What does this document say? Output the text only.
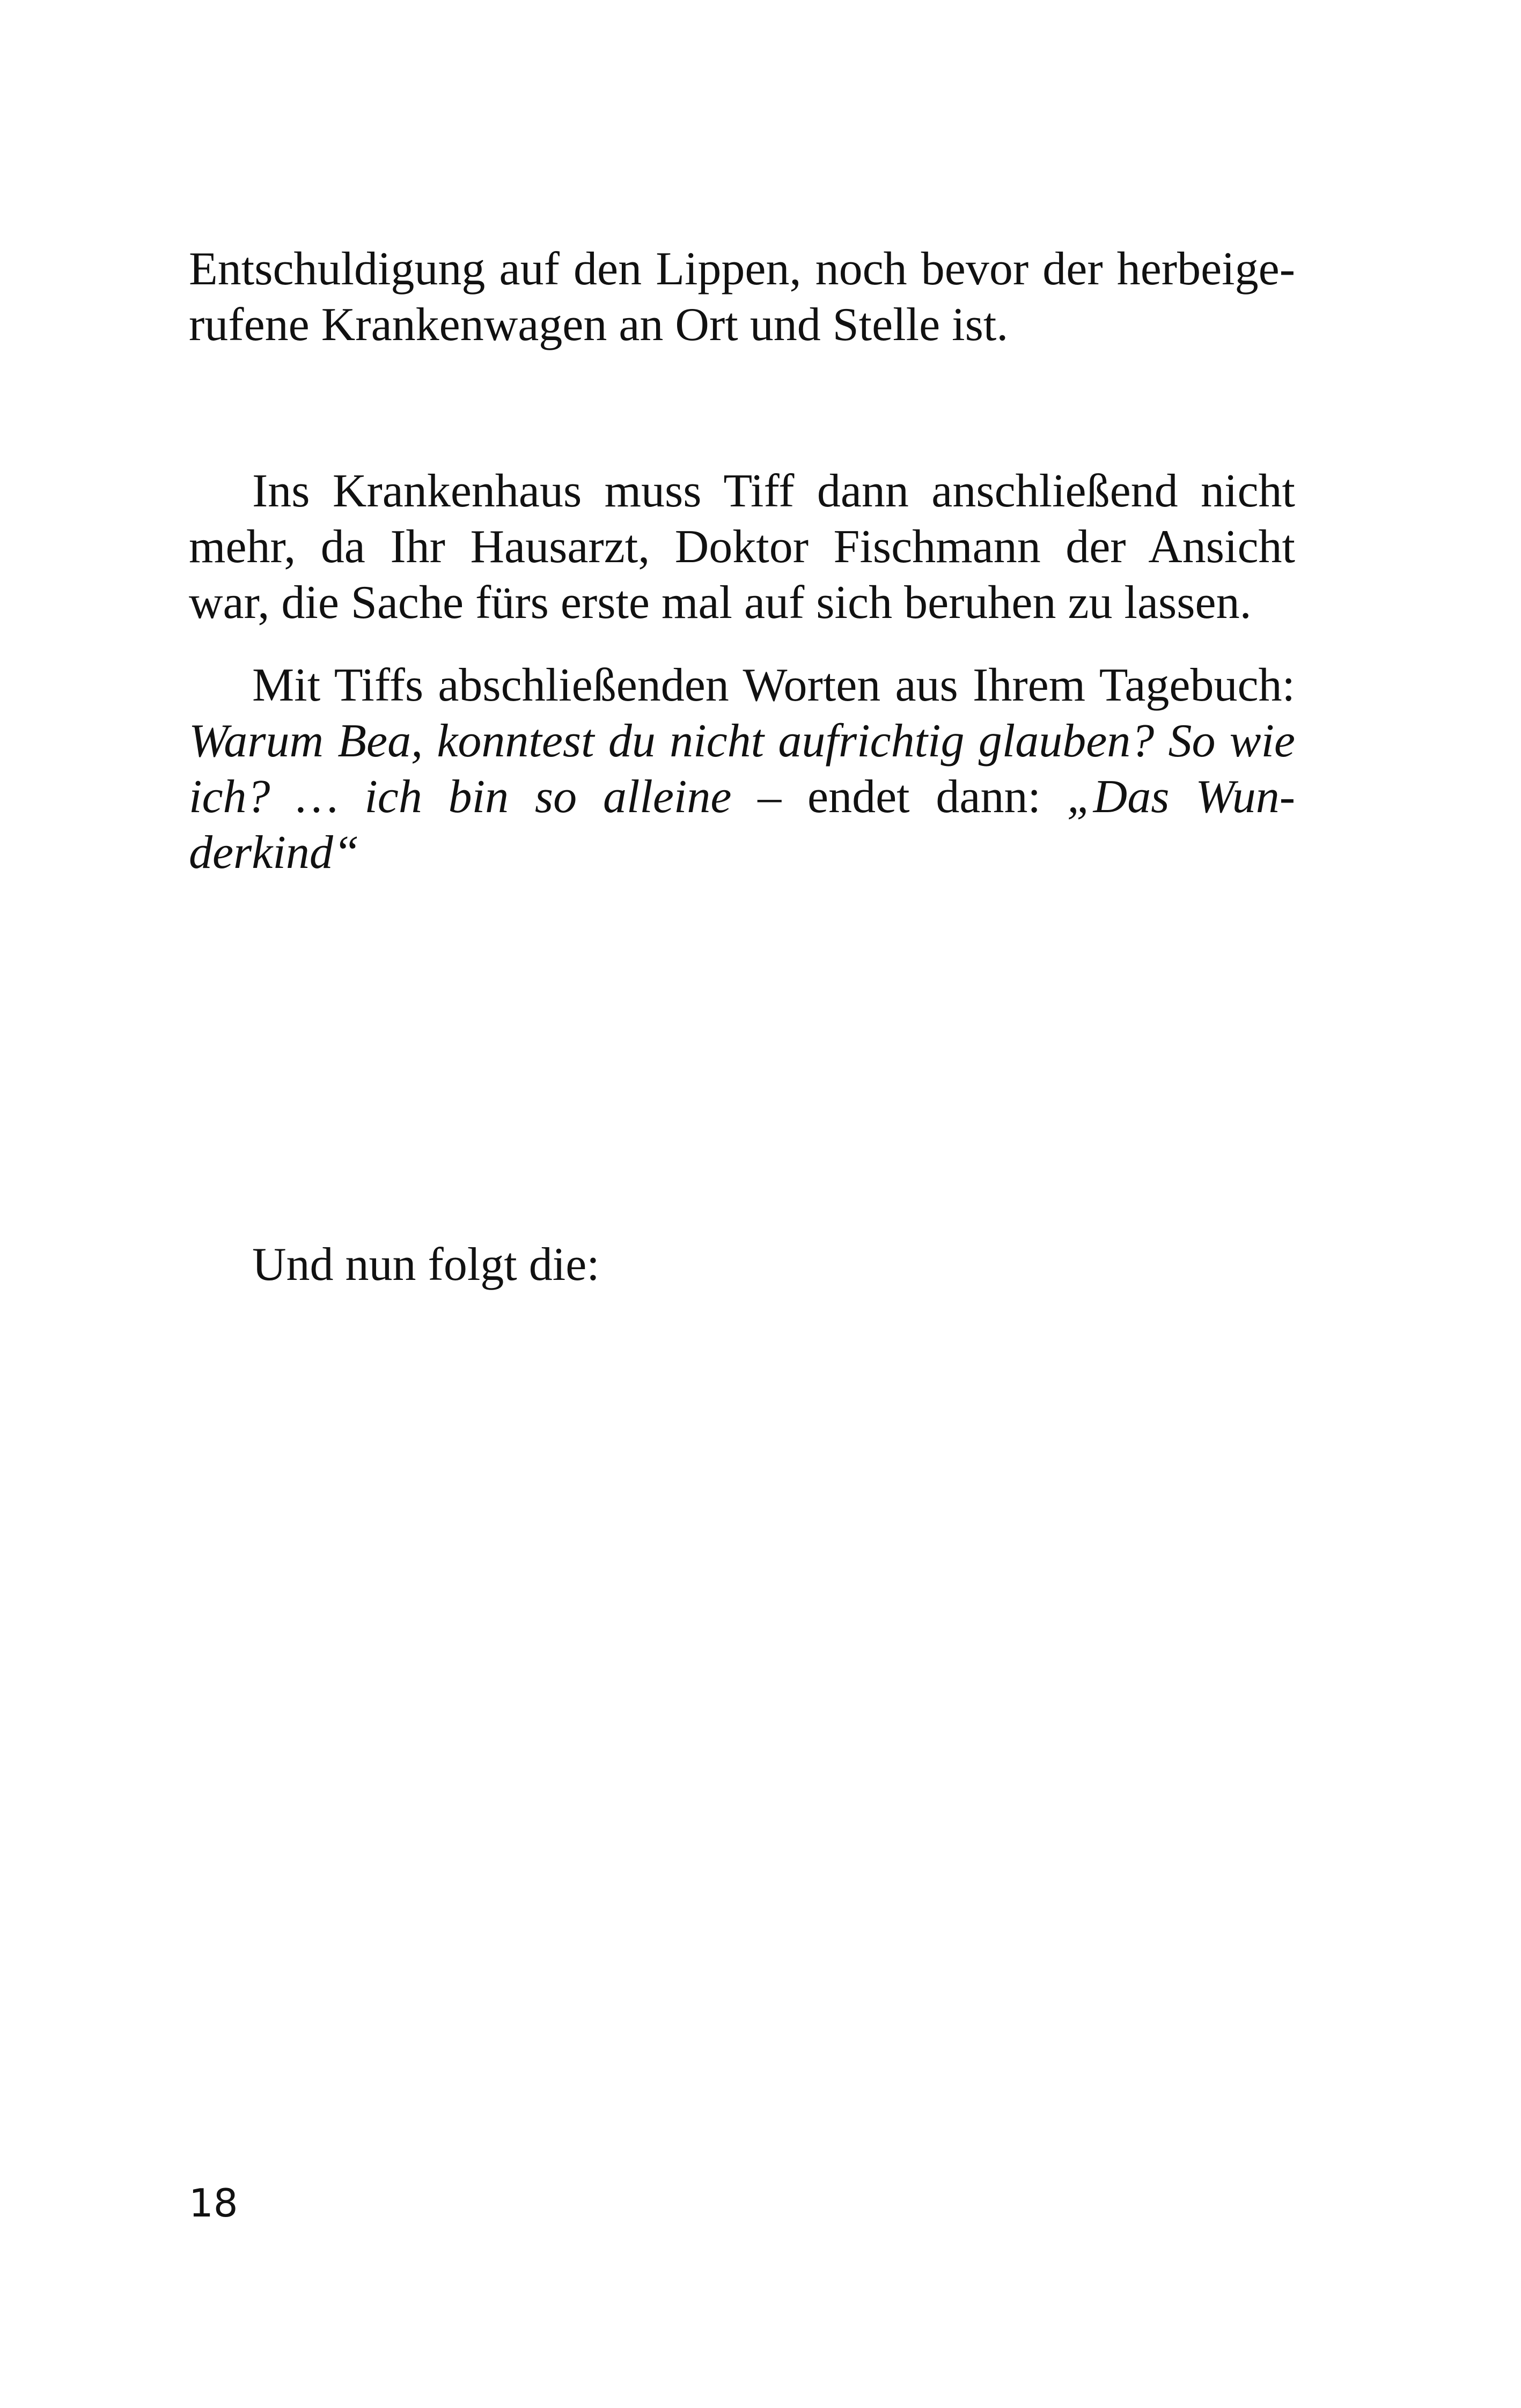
Entschuldigung auf den Lippen, noch bevor der herbeigerufene Krankenwagen an Ort und Stelle ist.

Ins Krankenhaus muss Tiff dann anschließend nicht mehr, da Ihr Hausarzt, Doktor Fischmann der Ansicht war, die Sache fürs erste mal auf sich beruhen zu lassen.

Mit Tiffs abschließenden Worten aus Ihrem Tagebuch: Warum Bea, konntest du nicht aufrichtig glauben? So wie ich? … ich bin so alleine – endet dann: „Das Wunderkind“

Und nun folgt die:

18
